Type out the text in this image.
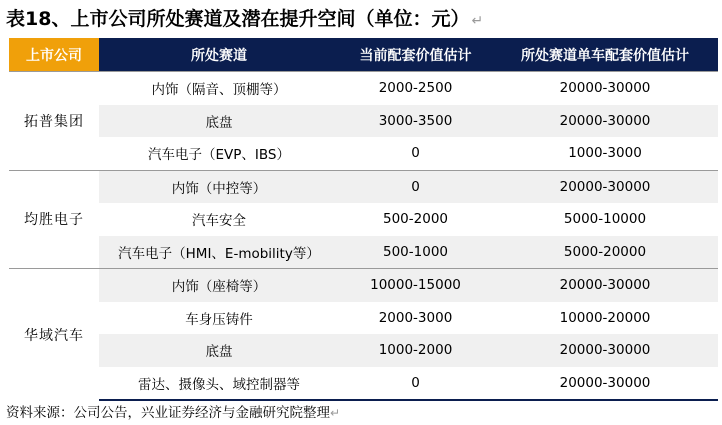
表18、上市公司所处赛道及潜在提升空间（单位：元） ↵
上市公司	所处赛道	当前配套价值估计	所处赛道单车配套价值估计
拓普集团	内饰（隔音、顶棚等）	2000-2500	20000-30000
	底盘	3000-3500	20000-30000
	汽车电子（EVP、IBS）	0	1000-3000
均胜电子	内饰（中控等）	0	20000-30000
	汽车安全	500-2000	5000-10000
	汽车电子（HMI、E-mobility等）	500-1000	5000-20000
华域汽车	内饰（座椅等）	10000-15000	20000-30000
	车身压铸件	2000-3000	10000-20000
	底盘	1000-2000	20000-30000
	雷达、摄像头、域控制器等	0	20000-30000
资料来源：公司公告，兴业证券经济与金融研究院整理↵
